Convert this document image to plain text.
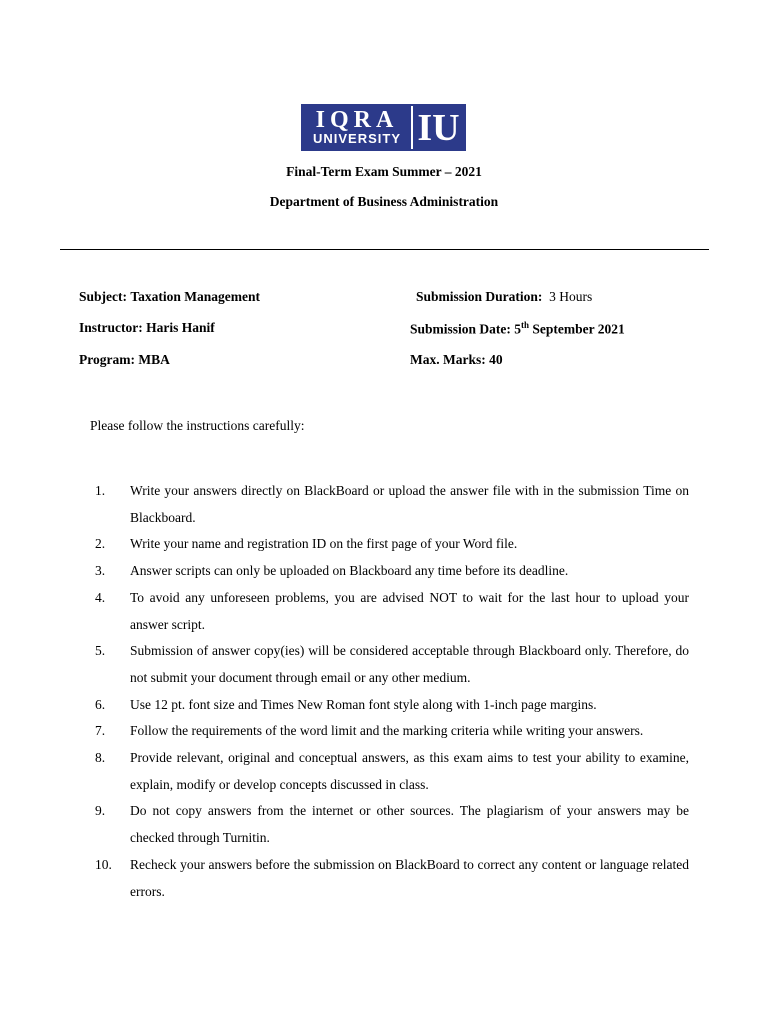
IQRA
UNIVERSITY IU
Final-Term Exam Summer – 2021
Department of Business Administration
Subject: Taxation Management
Instructor: Haris Hanif
Program: MBA
Submission Duration: 3 Hours
Submission Date: 5th September 2021
Max. Marks: 40
Please follow the instructions carefully:
1. Write your answers directly on BlackBoard or upload the answer file with in the submission Time on Blackboard.
2. Write your name and registration ID on the first page of your Word file.
3. Answer scripts can only be uploaded on Blackboard any time before its deadline.
4. To avoid any unforeseen problems, you are advised NOT to wait for the last hour to upload your answer script.
5. Submission of answer copy(ies) will be considered acceptable through Blackboard only. Therefore, do not submit your document through email or any other medium.
6. Use 12 pt. font size and Times New Roman font style along with 1-inch page margins.
7. Follow the requirements of the word limit and the marking criteria while writing your answers.
8. Provide relevant, original and conceptual answers, as this exam aims to test your ability to examine, explain, modify or develop concepts discussed in class.
9. Do not copy answers from the internet or other sources. The plagiarism of your answers may be checked through Turnitin.
10. Recheck your answers before the submission on BlackBoard to correct any content or language related errors.
